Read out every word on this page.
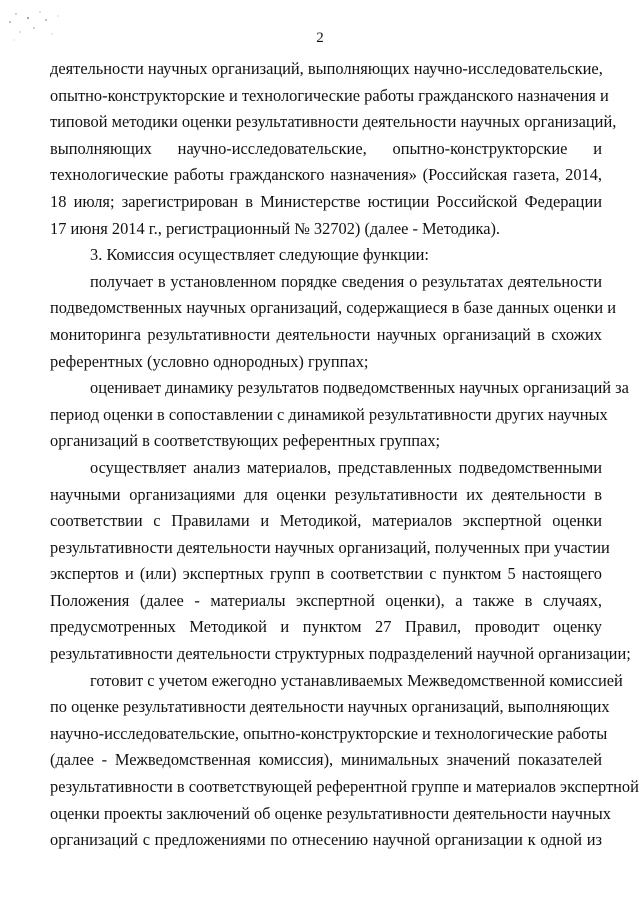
2
деятельности научных организаций, выполняющих научно-исследовательские,
опытно-конструкторские и технологические работы гражданского назначения и
типовой методики оценки результативности деятельности научных организаций,
выполняющих научно-исследовательские, опытно-конструкторские и
технологические работы гражданского назначения» (Российская газета, 2014,
18 июля; зарегистрирован в Министерстве юстиции Российской Федерации
17 июня 2014 г., регистрационный № 32702) (далее - Методика).
3. Комиссия осуществляет следующие функции:
получает в установленном порядке сведения о результатах деятельности
подведомственных научных организаций, содержащиеся в базе данных оценки и
мониторинга результативности деятельности научных организаций в схожих
референтных (условно однородных) группах;
оценивает динамику результатов подведомственных научных организаций за
период оценки в сопоставлении с динамикой результативности других научных
организаций в соответствующих референтных группах;
осуществляет анализ материалов, представленных подведомственными
научными организациями для оценки результативности их деятельности в
соответствии с Правилами и Методикой, материалов экспертной оценки
результативности деятельности научных организаций, полученных при участии
экспертов и (или) экспертных групп в соответствии с пунктом 5 настоящего
Положения (далее - материалы экспертной оценки), а также в случаях,
предусмотренных Методикой и пунктом 27 Правил, проводит оценку
результативности деятельности структурных подразделений научной организации;
готовит с учетом ежегодно устанавливаемых Межведомственной комиссией
по оценке результативности деятельности научных организаций, выполняющих
научно-исследовательские, опытно-конструкторские и технологические работы
(далее - Межведомственная комиссия), минимальных значений показателей
результативности в соответствующей референтной группе и материалов экспертной
оценки проекты заключений об оценке результативности деятельности научных
организаций с предложениями по отнесению научной организации к одной из
